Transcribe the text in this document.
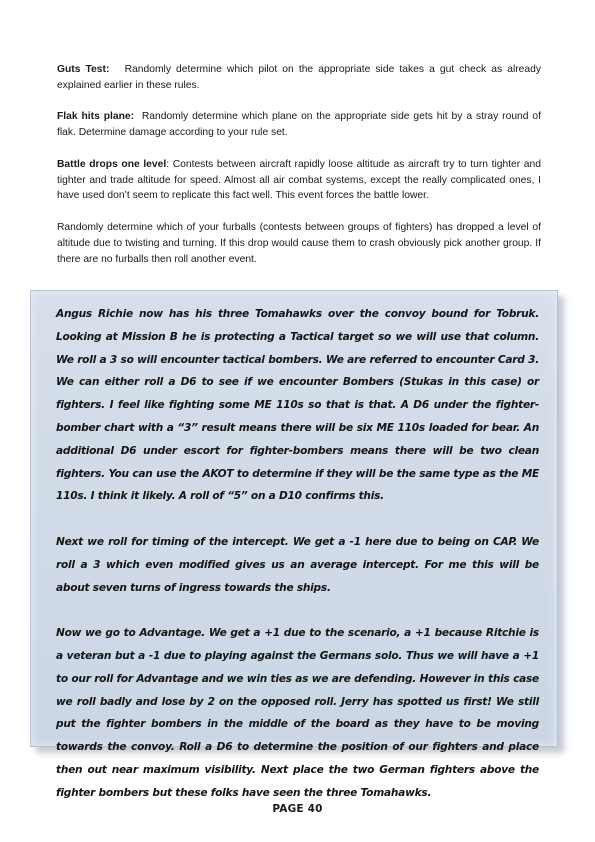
Guts Test: Randomly determine which pilot on the appropriate side takes a gut check as already explained earlier in these rules.

Flak hits plane: Randomly determine which plane on the appropriate side gets hit by a stray round of flak. Determine damage according to your rule set.

Battle drops one level: Contests between aircraft rapidly loose altitude as aircraft try to turn tighter and tighter and trade altitude for speed. Almost all air combat systems, except the really complicated ones, I have used don’t seem to replicate this fact well. This event forces the battle lower.

Randomly determine which of your furballs (contests between groups of fighters) has dropped a level of altitude due to twisting and turning. If this drop would cause them to crash obviously pick another group. If there are no furballs then roll another event.

Angus Richie now has his three Tomahawks over the convoy bound for Tobruk. Looking at Mission B he is protecting a Tactical target so we will use that column. We roll a 3 so will encounter tactical bombers. We are referred to encounter Card 3. We can either roll a D6 to see if we encounter Bombers (Stukas in this case) or fighters. I feel like fighting some ME 110s so that is that. A D6 under the fighter-bomber chart with a “3” result means there will be six ME 110s loaded for bear. An additional D6 under escort for fighter-bombers means there will be two clean fighters. You can use the AKOT to determine if they will be the same type as the ME 110s. I think it likely. A roll of “5” on a D10 confirms this.

Next we roll for timing of the intercept. We get a -1 here due to being on CAP. We roll a 3 which even modified gives us an average intercept. For me this will be about seven turns of ingress towards the ships.

Now we go to Advantage. We get a +1 due to the scenario, a +1 because Ritchie is a veteran but a -1 due to playing against the Germans solo. Thus we will have a +1 to our roll for Advantage and we win ties as we are defending. However in this case we roll badly and lose by 2 on the opposed roll. Jerry has spotted us first! We still put the fighter bombers in the middle of the board as they have to be moving towards the convoy. Roll a D6 to determine the position of our fighters and place then out near maximum visibility. Next place the two German fighters above the fighter bombers but these folks have seen the three Tomahawks.

PAGE 40
